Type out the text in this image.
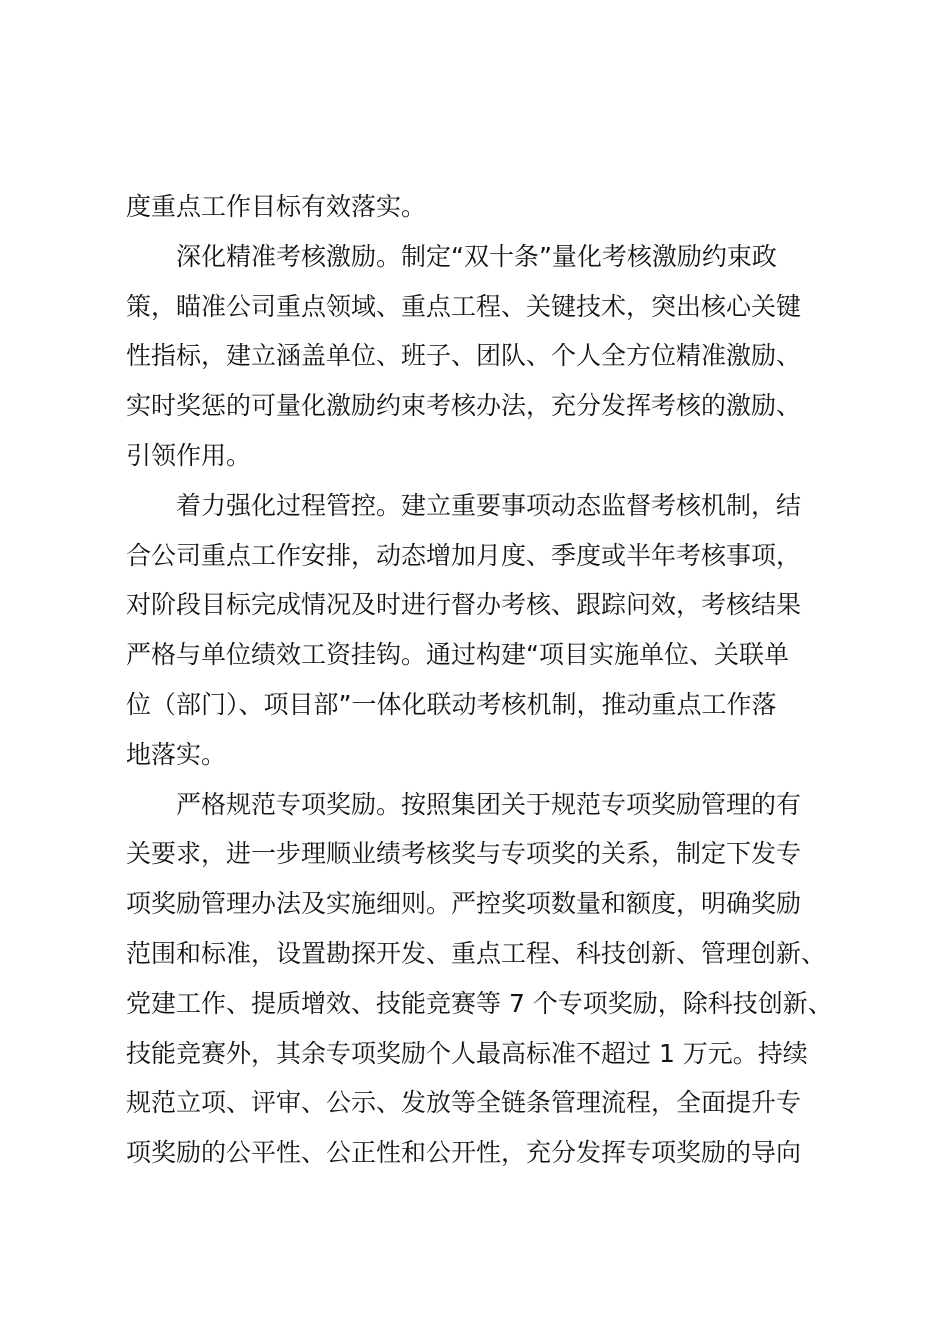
度重点工作目标有效落实。
深化精准考核激励。制定“双十条”量化考核激励约束政
策，瞄准公司重点领域、重点工程、关键技术，突出核心关键
性指标，建立涵盖单位、班子、团队、个人全方位精准激励、
实时奖惩的可量化激励约束考核办法，充分发挥考核的激励、
引领作用。
着力强化过程管控。建立重要事项动态监督考核机制，结
合公司重点工作安排，动态增加月度、季度或半年考核事项，
对阶段目标完成情况及时进行督办考核、跟踪问效，考核结果
严格与单位绩效工资挂钩。通过构建“项目实施单位、关联单
位（部门）、项目部”一体化联动考核机制，推动重点工作落
地落实。
严格规范专项奖励。按照集团关于规范专项奖励管理的有
关要求，进一步理顺业绩考核奖与专项奖的关系，制定下发专
项奖励管理办法及实施细则。严控奖项数量和额度，明确奖励
范围和标准，设置勘探开发、重点工程、科技创新、管理创新、
党建工作、提质增效、技能竞赛等 7 个专项奖励，除科技创新、
技能竞赛外，其余专项奖励个人最高标准不超过 1 万元。持续
规范立项、评审、公示、发放等全链条管理流程，全面提升专
项奖励的公平性、公正性和公开性，充分发挥专项奖励的导向
